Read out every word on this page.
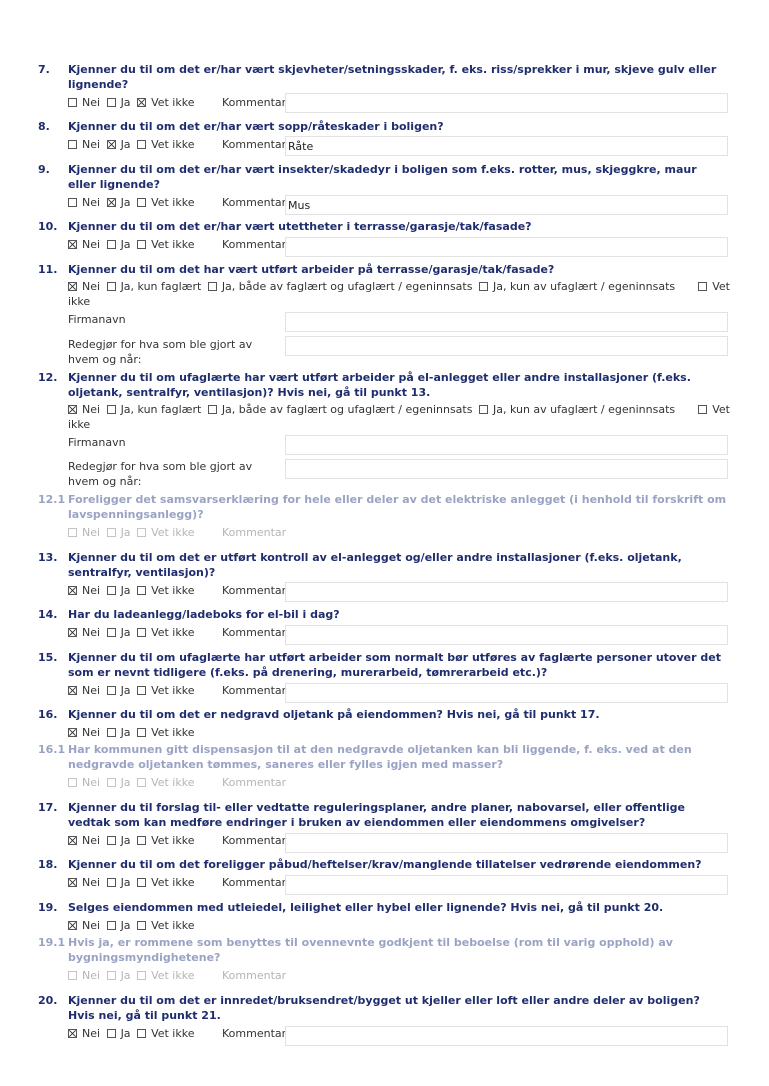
7.	Kjenner du til om det er/har vært skjevheter/setningsskader, f. eks. riss/sprekker i mur, skjeve gulv eller lignende?
Nei Ja Vet ikke	Kommentar
8.	Kjenner du til om det er/har vært sopp/råteskader i boligen?
Nei Ja Vet ikke	Kommentar Råte
9.	Kjenner du til om det er/har vært insekter/skadedyr i boligen som f.eks. rotter, mus, skjeggkre, maur eller lignende?
Nei Ja Vet ikke	Kommentar Mus
10. Kjenner du til om det er/har vært utettheter i terrasse/garasje/tak/fasade?
Nei Ja Vet ikke	Kommentar
11. Kjenner du til om det har vært utført arbeider på terrasse/garasje/tak/fasade?
Nei Ja, kun faglært Ja, både av faglært og ufaglært / egeninnsats Ja, kun av ufaglært / egeninnsats	Vet

ikke
Firmanavn
Redegjør for hva som ble gjort av
hvem og når:
12. Kjenner du til om ufaglærte har vært utført arbeider på el-anlegget eller andre installasjoner (f.eks. oljetank, sentralfyr, ventilasjon)? Hvis nei, gå til punkt 13.
Nei Ja, kun faglært Ja, både av faglært og ufaglært / egeninnsats Ja, kun av ufaglært / egeninnsats	Vet

ikke
Firmanavn
Redegjør for hva som ble gjort av
hvem og når:
12.1 Foreligger det samsvarserklæring for hele eller deler av det elektriske anlegget (i henhold til forskrift om lavspenningsanlegg)?
Nei Ja Vet ikke	Kommentar
13. Kjenner du til om det er utført kontroll av el-anlegget og/eller andre installasjoner (f.eks. oljetank, sentralfyr, ventilasjon)?
Nei Ja Vet ikke	Kommentar
14. Har du ladeanlegg/ladeboks for el-bil i dag?
Nei Ja Vet ikke	Kommentar
15. Kjenner du til om ufaglærte har utført arbeider som normalt bør utføres av faglærte personer utover det som er nevnt tidligere (f.eks. på drenering, murerarbeid, tømrerarbeid etc.)?
Nei Ja Vet ikke	Kommentar
16. Kjenner du til om det er nedgravd oljetank på eiendommen? Hvis nei, gå til punkt 17.
Nei Ja Vet ikke
16.1 Har kommunen gitt dispensasjon til at den nedgravde oljetanken kan bli liggende, f. eks. ved at den nedgravde oljetanken tømmes, saneres eller fylles igjen med masser?
Nei Ja Vet ikke	Kommentar
17. Kjenner du til forslag til- eller vedtatte reguleringsplaner, andre planer, nabovarsel, eller offentlige vedtak som kan medføre endringer i bruken av eiendommen eller eiendommens omgivelser?
Nei Ja Vet ikke	Kommentar
18. Kjenner du til om det foreligger påbud/heftelser/krav/manglende tillatelser vedrørende eiendommen?
Nei Ja Vet ikke	Kommentar
19. Selges eiendommen med utleiedel, leilighet eller hybel eller lignende? Hvis nei, gå til punkt 20.
Nei Ja Vet ikke
19.1 Hvis ja, er rommene som benyttes til ovennevnte godkjent til beboelse (rom til varig opphold) av bygningsmyndighetene?
Nei Ja Vet ikke	Kommentar
20. Kjenner du til om det er innredet/bruksendret/bygget ut kjeller eller loft eller andre deler av boligen? Hvis nei, gå til punkt 21.
Nei Ja Vet ikke	Kommentar
